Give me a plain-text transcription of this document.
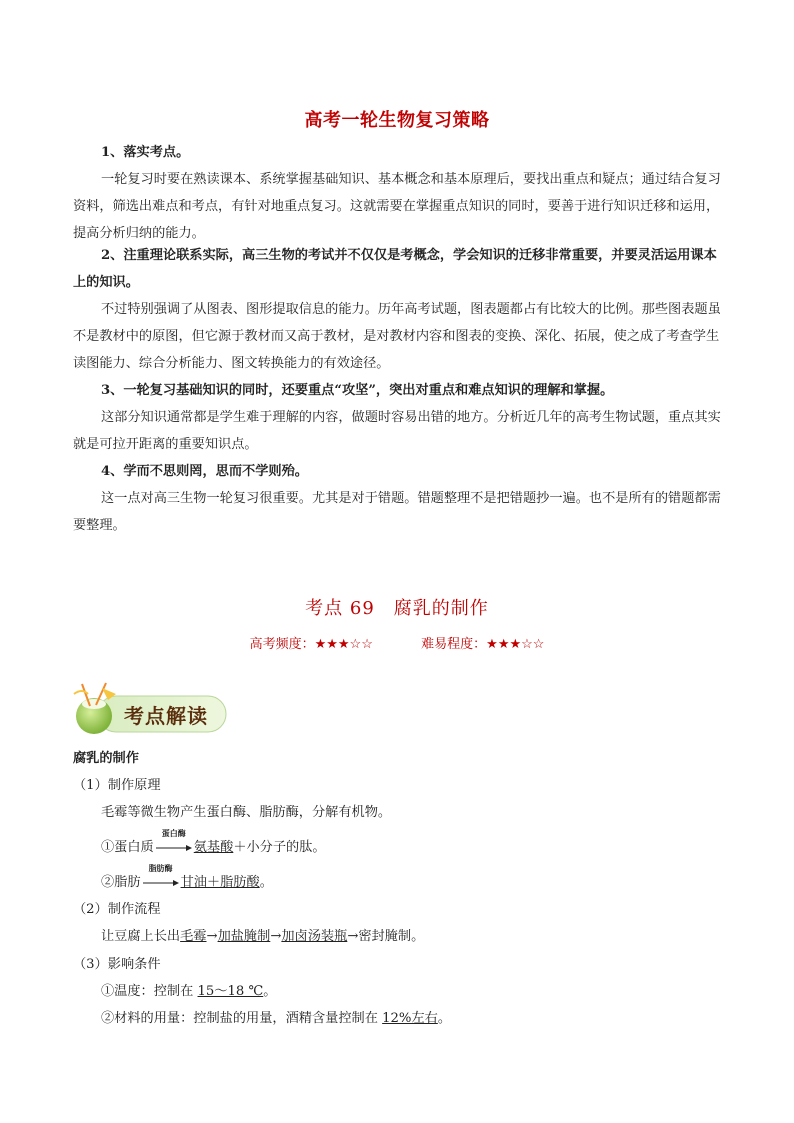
高考一轮生物复习策略
1、落实考点。
一轮复习时要在熟读课本、系统掌握基础知识、基本概念和基本原理后，要找出重点和疑点；通过结合复习资料，筛选出难点和考点，有针对地重点复习。这就需要在掌握重点知识的同时，要善于进行知识迁移和运用，提高分析归纳的能力。
2、注重理论联系实际，高三生物的考试并不仅仅是考概念，学会知识的迁移非常重要，并要灵活运用课本上的知识。
不过特别强调了从图表、图形提取信息的能力。历年高考试题，图表题都占有比较大的比例。那些图表题虽不是教材中的原图，但它源于教材而又高于教材，是对教材内容和图表的变换、深化、拓展，使之成了考查学生读图能力、综合分析能力、图文转换能力的有效途径。
3、一轮复习基础知识的同时，还要重点“攻坚”，突出对重点和难点知识的理解和掌握。
这部分知识通常都是学生难于理解的内容，做题时容易出错的地方。分析近几年的高考生物试题，重点其实就是可拉开距离的重要知识点。
4、学而不思则罔，思而不学则殆。
这一点对高三生物一轮复习很重要。尤其是对于错题。错题整理不是把错题抄一遍。也不是所有的错题都需要整理。
考点 69　腐乳的制作
高考频度：★★★☆☆	难易程度：★★★☆☆
考点解读
腐乳的制作
（1）制作原理
毛霉等微生物产生蛋白酶、脂肪酶，分解有机物。
①蛋白质
蛋白酶
氨基酸＋小分子的肽。
②脂肪
脂肪酶
甘油＋脂肪酸。
（2）制作流程
让豆腐上长出毛霉→加盐腌制→加卤汤装瓶→密封腌制。
（3）影响条件
①温度：控制在 15～18 ℃。
②材料的用量：控制盐的用量，酒精含量控制在 12%左右。
